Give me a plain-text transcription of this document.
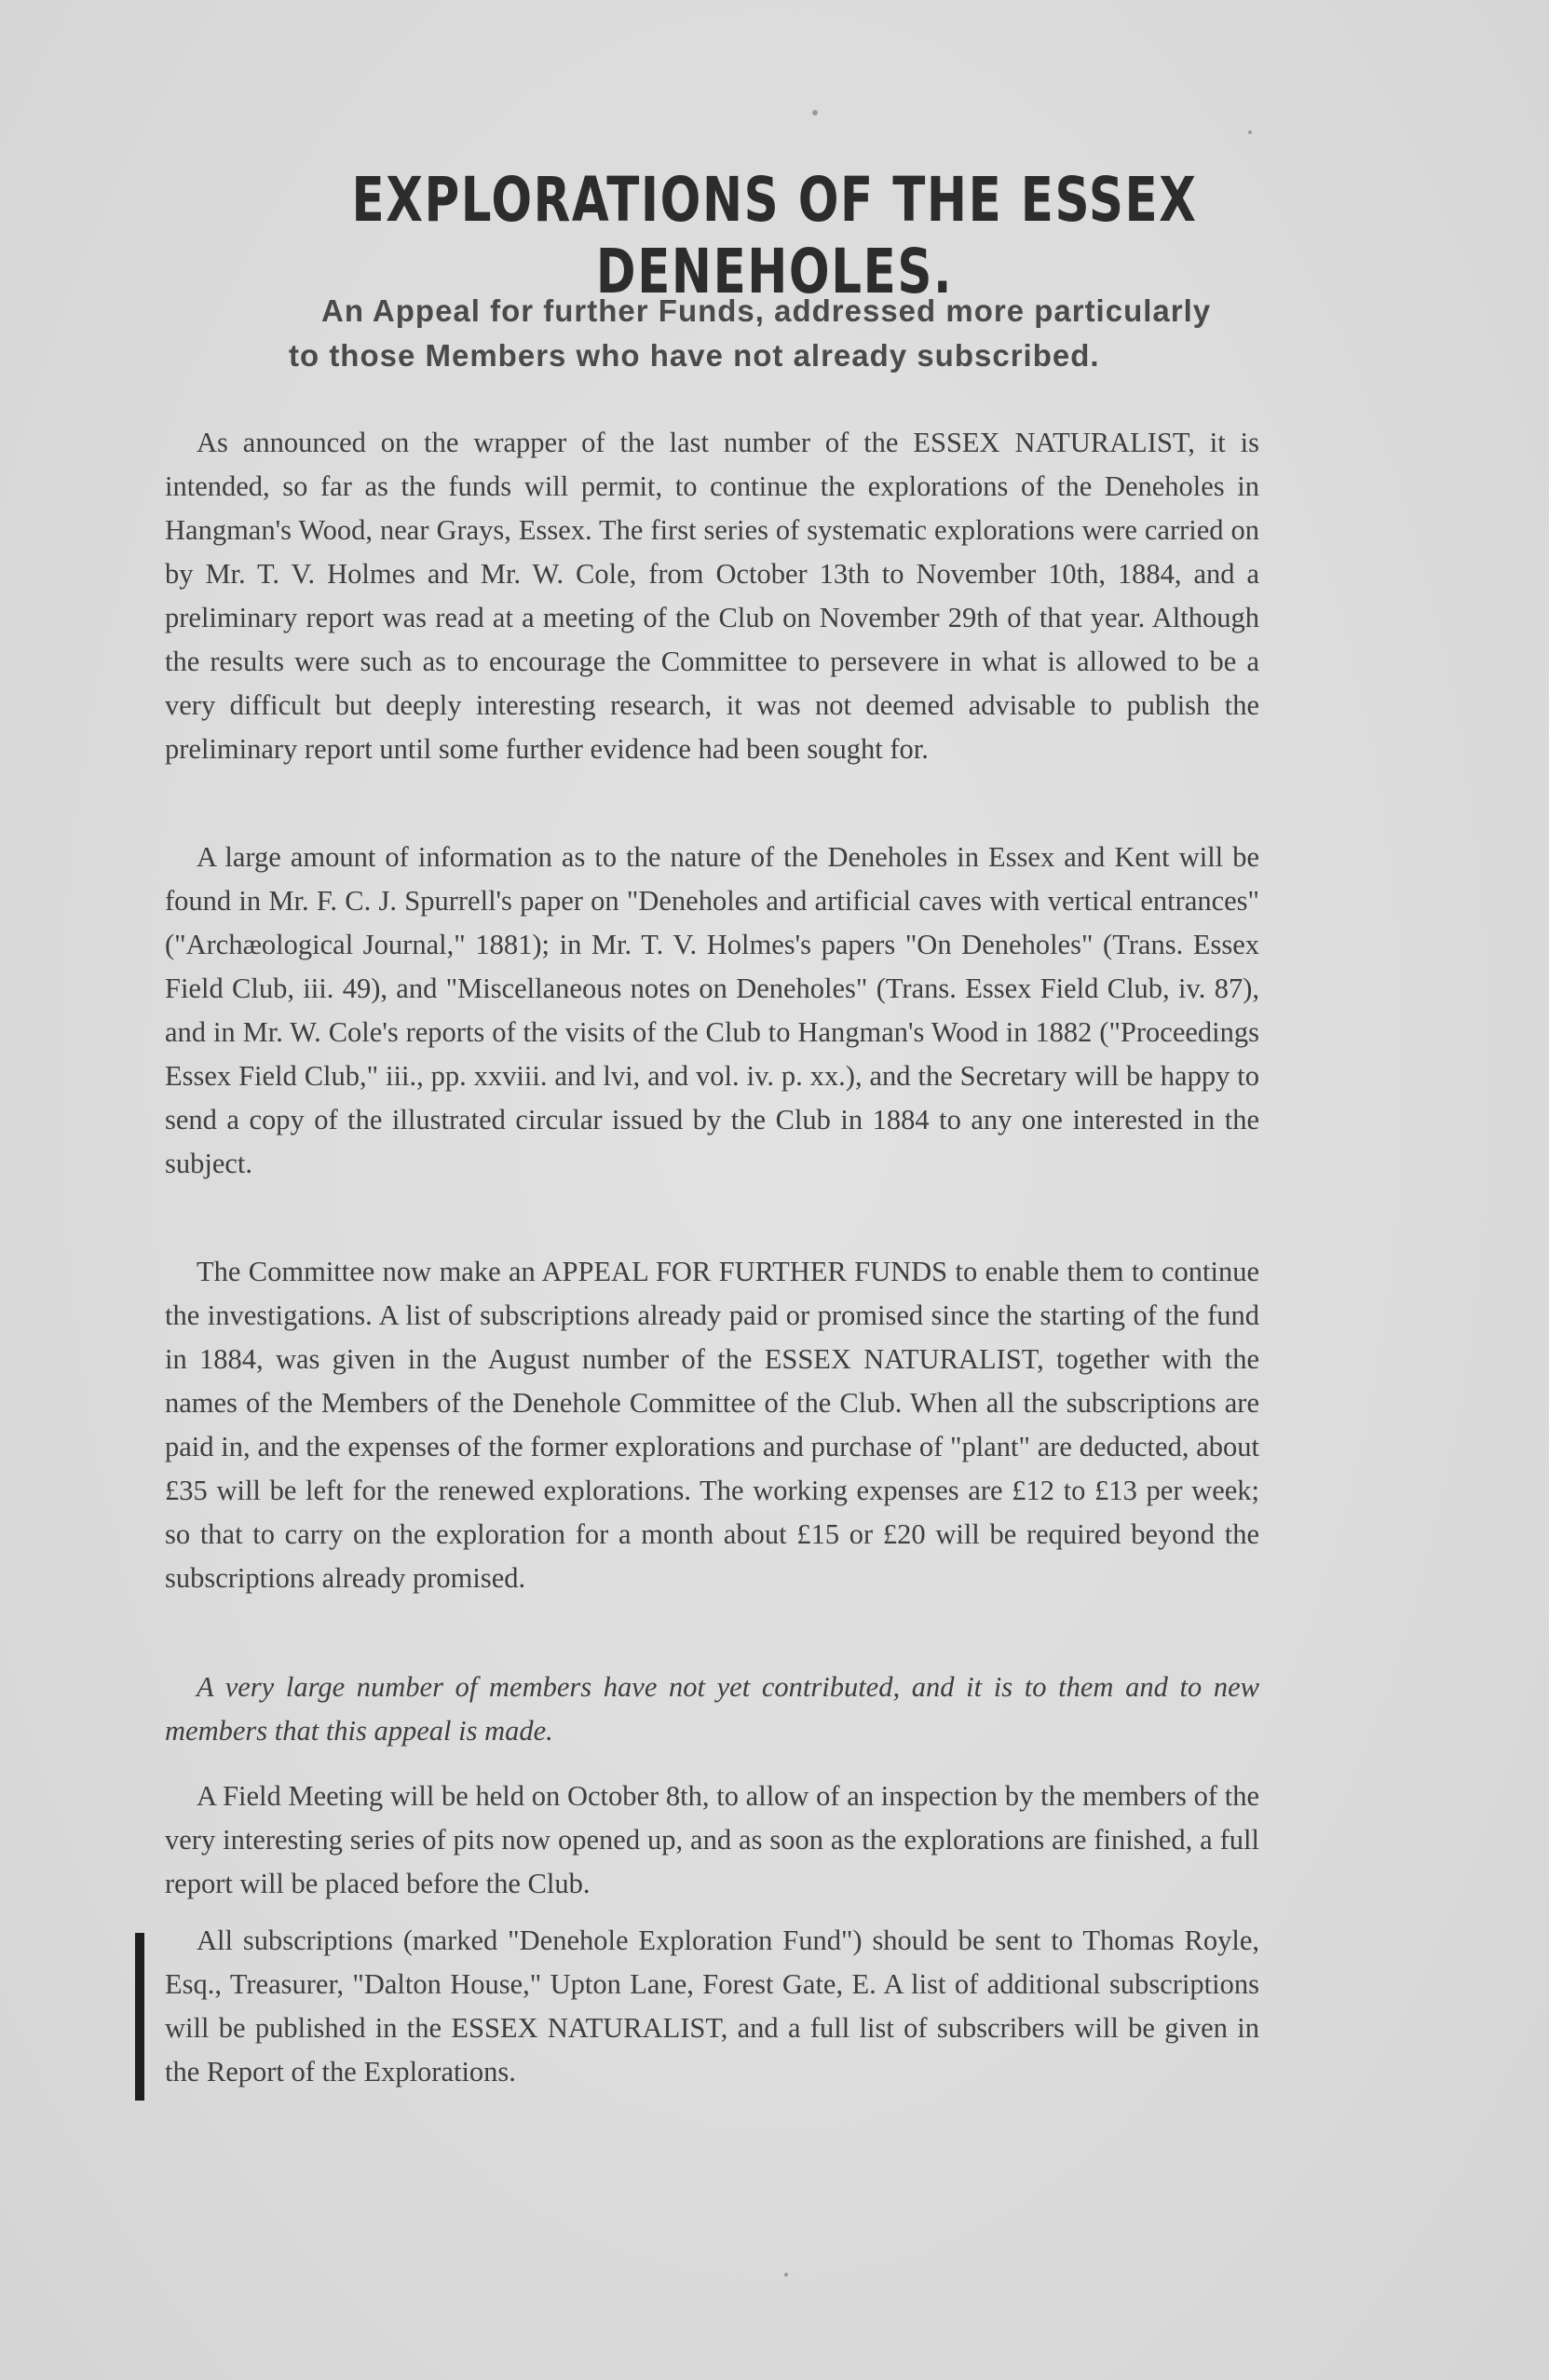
EXPLORATIONS OF THE ESSEX DENEHOLES.
An Appeal for further Funds, addressed more particularly
to those Members who have not already subscribed.

As announced on the wrapper of the last number of the ESSEX NATURALIST, it is intended, so far as the funds will permit, to continue the explorations of the Deneholes in Hangman's Wood, near Grays, Essex. The first series of systematic explorations were carried on by Mr. T. V. Holmes and Mr. W. Cole, from October 13th to November 10th, 1884, and a preliminary report was read at a meeting of the Club on November 29th of that year. Although the results were such as to encourage the Committee to persevere in what is allowed to be a very difficult but deeply interesting research, it was not deemed advisable to publish the preliminary report until some further evidence had been sought for.

A large amount of information as to the nature of the Deneholes in Essex and Kent will be found in Mr. F. C. J. Spurrell's paper on "Deneholes and artificial caves with vertical entrances" ("Archæological Journal," 1881); in Mr. T. V. Holmes's papers "On Deneholes" (Trans. Essex Field Club, iii. 49), and "Miscellaneous notes on Deneholes" (Trans. Essex Field Club, iv. 87), and in Mr. W. Cole's reports of the visits of the Club to Hangman's Wood in 1882 ("Proceedings Essex Field Club," iii., pp. xxviii. and lvi, and vol. iv. p. xx.), and the Secretary will be happy to send a copy of the illustrated circular issued by the Club in 1884 to any one interested in the subject.

The Committee now make an APPEAL FOR FURTHER FUNDS to enable them to continue the investigations. A list of subscriptions already paid or promised since the starting of the fund in 1884, was given in the August number of the ESSEX NATURALIST, together with the names of the Members of the Denehole Committee of the Club. When all the subscriptions are paid in, and the expenses of the former explorations and purchase of "plant" are deducted, about £35 will be left for the renewed explorations. The working expenses are £12 to £13 per week; so that to carry on the exploration for a month about £15 or £20 will be required beyond the subscriptions already promised.

A very large number of members have not yet contributed, and it is to them and to new members that this appeal is made.

A Field Meeting will be held on October 8th, to allow of an inspection by the members of the very interesting series of pits now opened up, and as soon as the explorations are finished, a full report will be placed before the Club.

All subscriptions (marked "Denehole Exploration Fund") should be sent to Thomas Royle, Esq., Treasurer, "Dalton House," Upton Lane, Forest Gate, E. A list of additional subscriptions will be published in the ESSEX NATURALIST, and a full list of subscribers will be given in the Report of the Explorations.
